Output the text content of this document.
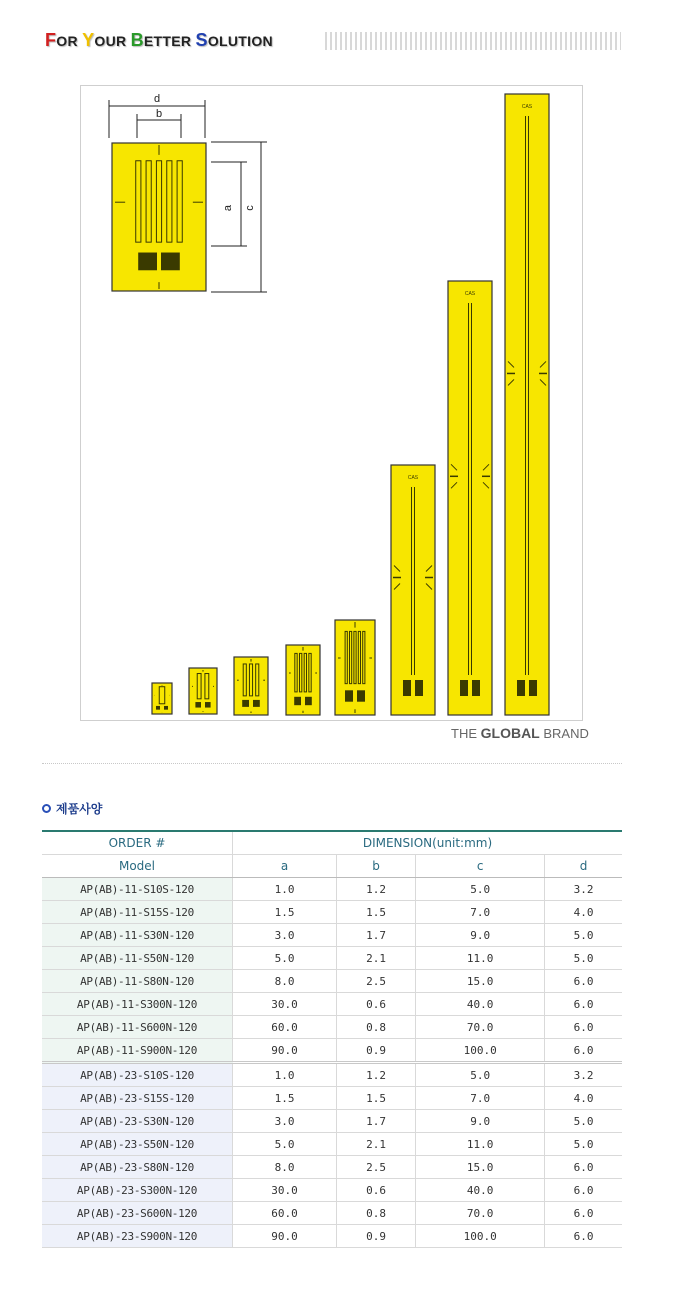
FOR YOUR BETTER SOLUTION
d
b
a c
CAS
CAS
CAS
THE GLOBAL BRAND
제품사양
ORDER #	DIMENSION(unit:mm)			
Model	a	b	c	d
AP(AB)-11-S10S-120	1.0	1.2	5.0	3.2
AP(AB)-11-S15S-120	1.5	1.5	7.0	4.0
AP(AB)-11-S30N-120	3.0	1.7	9.0	5.0
AP(AB)-11-S50N-120	5.0	2.1	11.0	5.0
AP(AB)-11-S80N-120	8.0	2.5	15.0	6.0
AP(AB)-11-S300N-120	30.0	0.6	40.0	6.0
AP(AB)-11-S600N-120	60.0	0.8	70.0	6.0
AP(AB)-11-S900N-120	90.0	0.9	100.0	6.0
AP(AB)-23-S10S-120	1.0	1.2	5.0	3.2
AP(AB)-23-S15S-120	1.5	1.5	7.0	4.0
AP(AB)-23-S30N-120	3.0	1.7	9.0	5.0
AP(AB)-23-S50N-120	5.0	2.1	11.0	5.0
AP(AB)-23-S80N-120	8.0	2.5	15.0	6.0
AP(AB)-23-S300N-120	30.0	0.6	40.0	6.0
AP(AB)-23-S600N-120	60.0	0.8	70.0	6.0
AP(AB)-23-S900N-120	90.0	0.9	100.0	6.0
